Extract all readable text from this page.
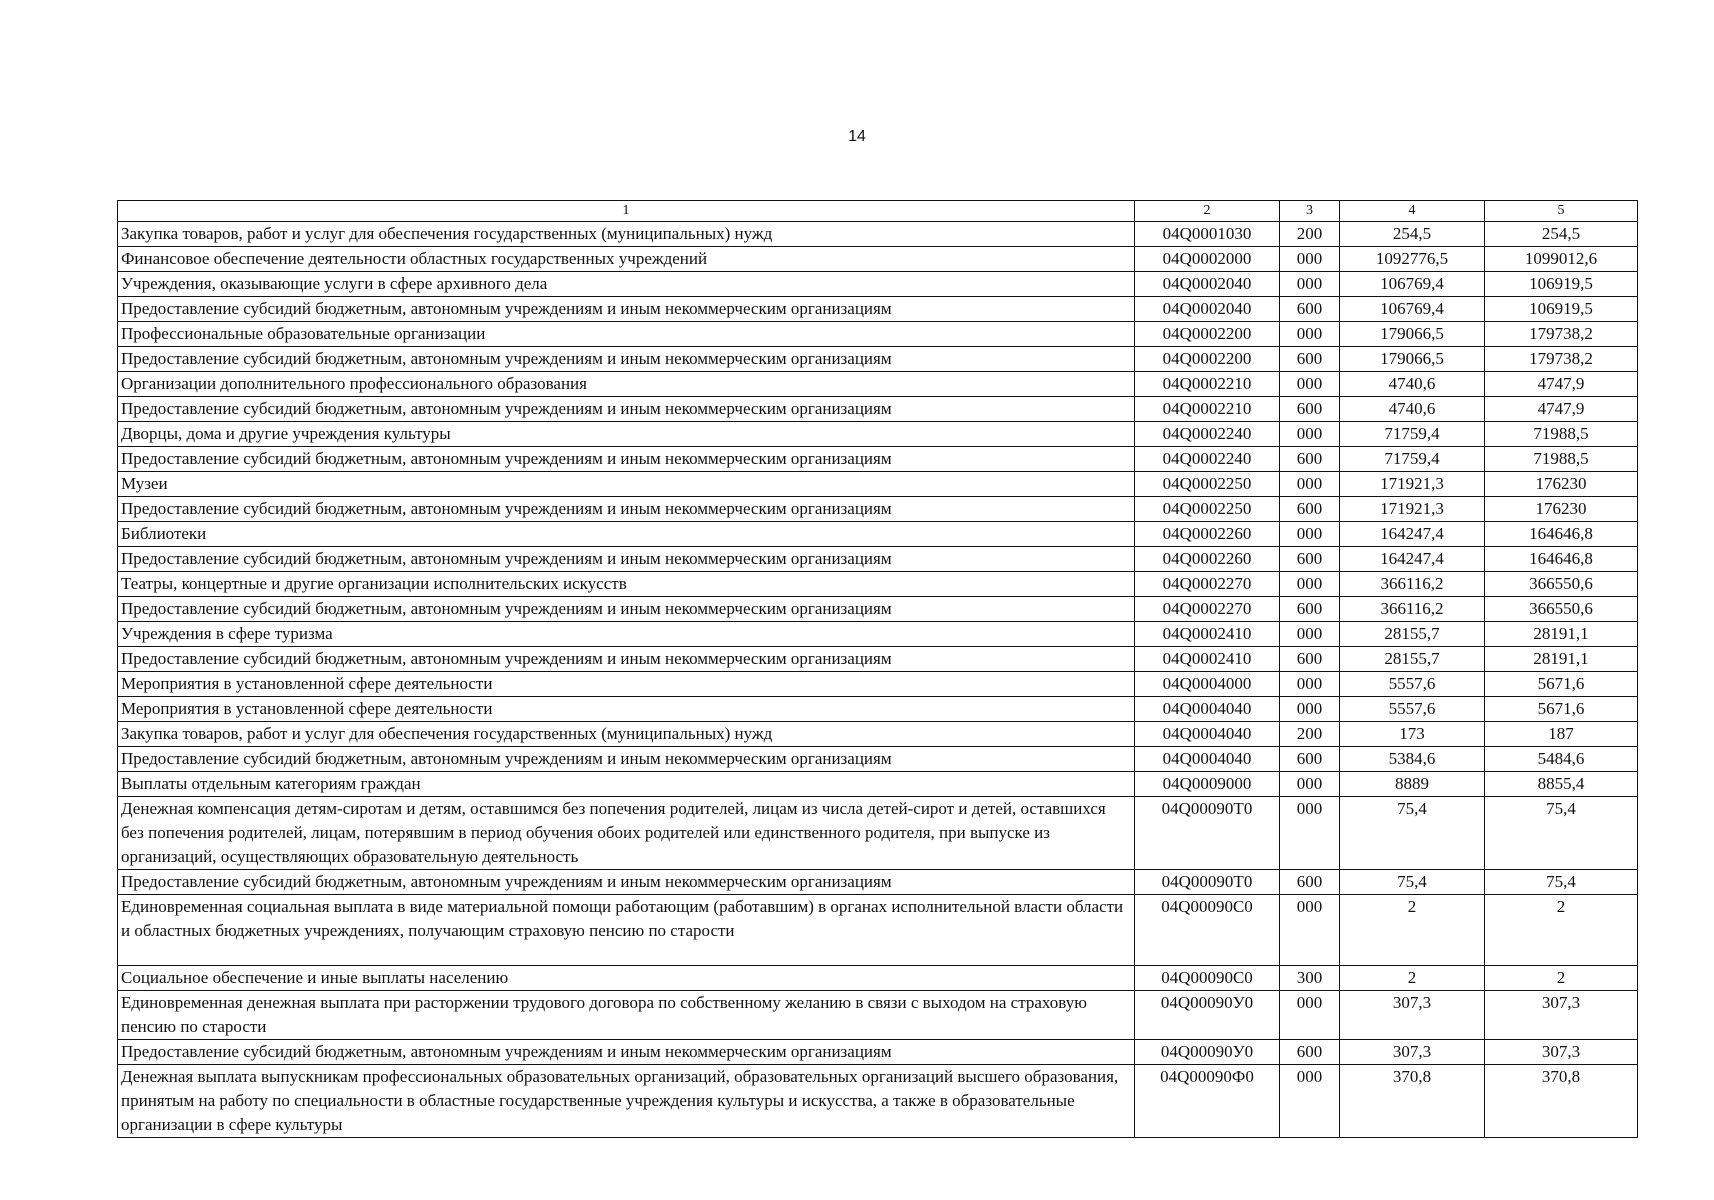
14
1	2	3	4	5
Закупка товаров, работ и услуг для обеспечения государственных (муниципальных) нужд	04Q0001030	200	254,5	254,5
Финансовое обеспечение деятельности областных государственных учреждений	04Q0002000	000	1092776,5	1099012,6
Учреждения, оказывающие услуги в сфере архивного дела	04Q0002040	000	106769,4	106919,5
Предоставление субсидий бюджетным, автономным учреждениям и иным некоммерческим организациям	04Q0002040	600	106769,4	106919,5
Профессиональные образовательные организации	04Q0002200	000	179066,5	179738,2
Предоставление субсидий бюджетным, автономным учреждениям и иным некоммерческим организациям	04Q0002200	600	179066,5	179738,2
Организации дополнительного профессионального образования	04Q0002210	000	4740,6	4747,9
Предоставление субсидий бюджетным, автономным учреждениям и иным некоммерческим организациям	04Q0002210	600	4740,6	4747,9
Дворцы, дома и другие учреждения культуры	04Q0002240	000	71759,4	71988,5
Предоставление субсидий бюджетным, автономным учреждениям и иным некоммерческим организациям	04Q0002240	600	71759,4	71988,5
Музеи	04Q0002250	000	171921,3	176230
Предоставление субсидий бюджетным, автономным учреждениям и иным некоммерческим организациям	04Q0002250	600	171921,3	176230
Библиотеки	04Q0002260	000	164247,4	164646,8
Предоставление субсидий бюджетным, автономным учреждениям и иным некоммерческим организациям	04Q0002260	600	164247,4	164646,8
Театры, концертные и другие организации исполнительских искусств	04Q0002270	000	366116,2	366550,6
Предоставление субсидий бюджетным, автономным учреждениям и иным некоммерческим организациям	04Q0002270	600	366116,2	366550,6
Учреждения в сфере туризма	04Q0002410	000	28155,7	28191,1
Предоставление субсидий бюджетным, автономным учреждениям и иным некоммерческим организациям	04Q0002410	600	28155,7	28191,1
Мероприятия в установленной сфере деятельности	04Q0004000	000	5557,6	5671,6
Мероприятия в установленной сфере деятельности	04Q0004040	000	5557,6	5671,6
Закупка товаров, работ и услуг для обеспечения государственных (муниципальных) нужд	04Q0004040	200	173	187
Предоставление субсидий бюджетным, автономным учреждениям и иным некоммерческим организациям	04Q0004040	600	5384,6	5484,6
Выплаты отдельным категориям граждан	04Q0009000	000	8889	8855,4
Денежная компенсация детям-сиротам и детям, оставшимся без попечения родителей, лицам из числа детей-сирот и детей, оставшихся без попечения родителей, лицам, потерявшим в период обучения обоих родителей или единственного родителя, при выпуске из организаций, осуществляющих образовательную деятельность	04Q00090T0	000	75,4	75,4
Предоставление субсидий бюджетным, автономным учреждениям и иным некоммерческим организациям	04Q00090T0	600	75,4	75,4
Единовременная социальная выплата в виде материальной помощи работающим (работавшим) в органах исполнительной власти области и областных бюджетных учреждениях, получающим страховую пенсию по старости	04Q00090C0	000	2	2
Социальное обеспечение и иные выплаты населению	04Q00090C0	300	2	2
Единовременная денежная выплата при расторжении трудового договора по собственному желанию в связи с выходом на страховую пенсию по старости	04Q00090У0	000	307,3	307,3
Предоставление субсидий бюджетным, автономным учреждениям и иным некоммерческим организациям	04Q00090У0	600	307,3	307,3
Денежная выплата выпускникам профессиональных образовательных организаций, образовательных организаций высшего образования, принятым на работу по специальности в областные государственные учреждения культуры и искусства, а также в образовательные организации в сфере культуры	04Q00090Ф0	000	370,8	370,8
